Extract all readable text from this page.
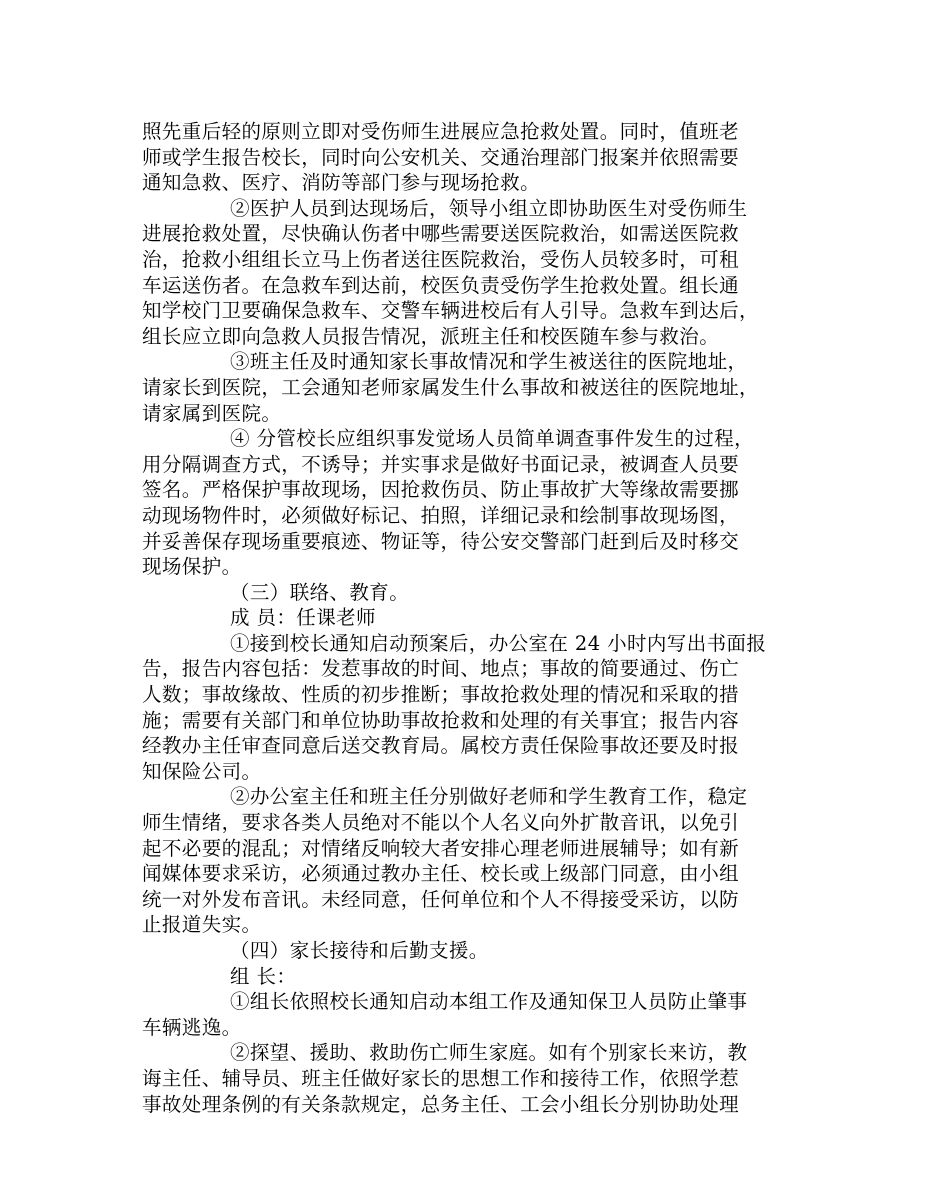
照先重后轻的原则立即对受伤师生进展应急抢救处置。同时，值班老
师或学生报告校长，同时向公安机关、交通治理部门报案并依照需要
通知急救、医疗、消防等部门参与现场抢救。
②医护人员到达现场后，领导小组立即协助医生对受伤师生
进展抢救处置，尽快确认伤者中哪些需要送医院救治，如需送医院救
治，抢救小组组长立马上伤者送往医院救治，受伤人员较多时，可租
车运送伤者。在急救车到达前，校医负责受伤学生抢救处置。组长通
知学校门卫要确保急救车、交警车辆进校后有人引导。急救车到达后，
组长应立即向急救人员报告情况，派班主任和校医随车参与救治。
③班主任及时通知家长事故情况和学生被送往的医院地址，
请家长到医院，工会通知老师家属发生什么事故和被送往的医院地址，
请家属到医院。
④ 分管校长应组织事发觉场人员简单调查事件发生的过程，
用分隔调查方式，不诱导；并实事求是做好书面记录，被调查人员要
签名。严格保护事故现场，因抢救伤员、防止事故扩大等缘故需要挪
动现场物件时，必须做好标记、拍照，详细记录和绘制事故现场图，
并妥善保存现场重要痕迹、物证等，待公安交警部门赶到后及时移交
现场保护。
（三）联络、教育。
成 员：任课老师
①接到校长通知启动预案后，办公室在 24 小时内写出书面报
告，报告内容包括：发惹事故的时间、地点；事故的简要通过、伤亡
人数；事故缘故、性质的初步推断；事故抢救处理的情况和采取的措
施；需要有关部门和单位协助事故抢救和处理的有关事宜；报告内容
经教办主任审查同意后送交教育局。属校方责任保险事故还要及时报
知保险公司。
②办公室主任和班主任分别做好老师和学生教育工作，稳定
师生情绪，要求各类人员绝对不能以个人名义向外扩散音讯，以免引
起不必要的混乱；对情绪反响较大者安排心理老师进展辅导；如有新
闻媒体要求采访，必须通过教办主任、校长或上级部门同意，由小组
统一对外发布音讯。未经同意，任何单位和个人不得接受采访，以防
止报道失实。
（四）家长接待和后勤支援。
组 长：
①组长依照校长通知启动本组工作及通知保卫人员防止肇事
车辆逃逸。
②探望、援助、救助伤亡师生家庭。如有个别家长来访，教
诲主任、辅导员、班主任做好家长的思想工作和接待工作，依照学惹
事故处理条例的有关条款规定，总务主任、工会小组长分别协助处理
